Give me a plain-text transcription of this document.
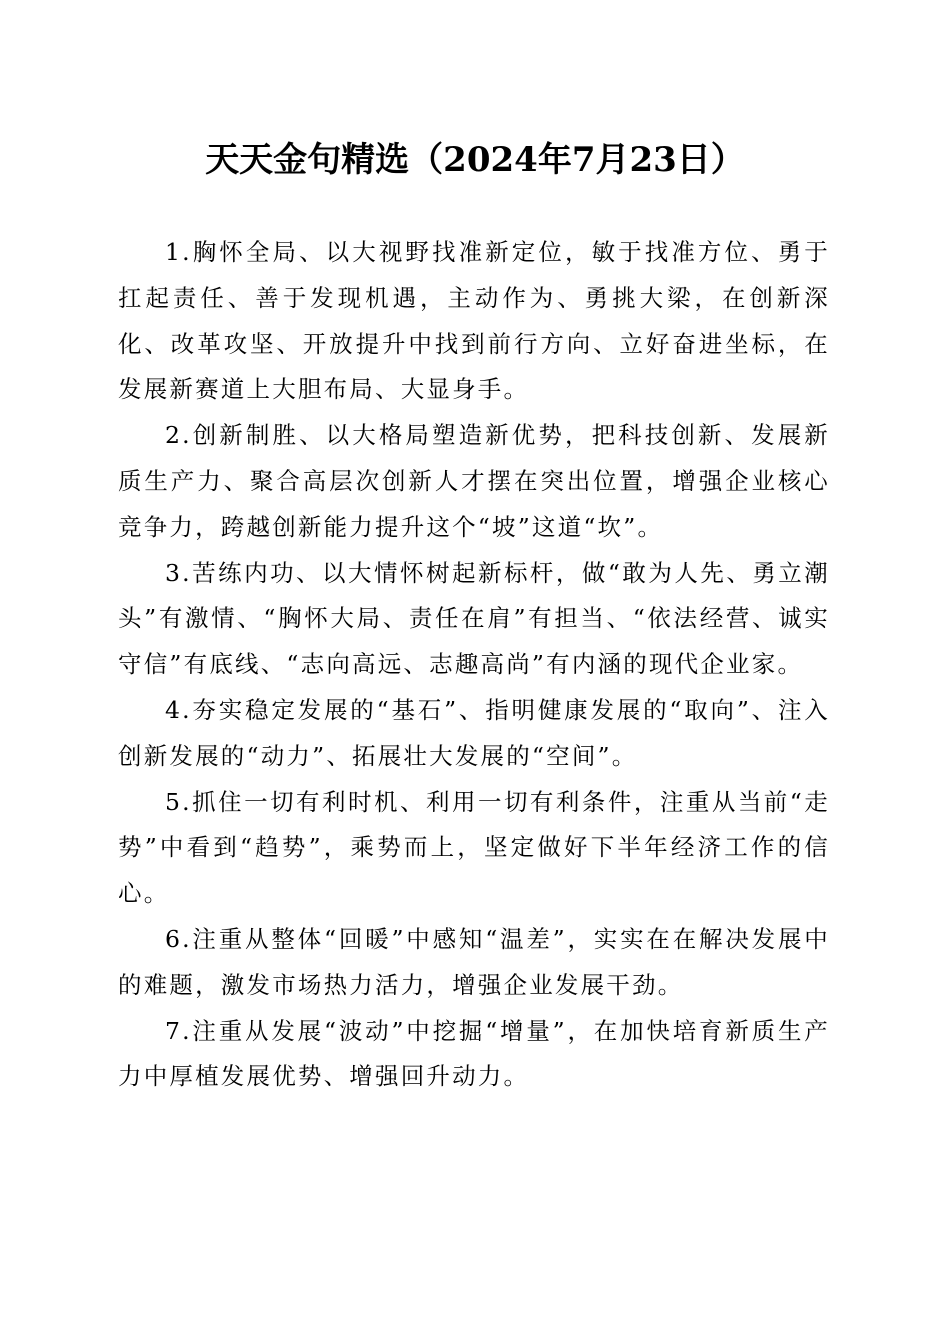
天天金句精选（2024年7月23日）

1.胸怀全局、以大视野找准新定位，敏于找准方位、勇于扛起责任、善于发现机遇，主动作为、勇挑大梁，在创新深化、改革攻坚、开放提升中找到前行方向、立好奋进坐标，在发展新赛道上大胆布局、大显身手。

2.创新制胜、以大格局塑造新优势，把科技创新、发展新质生产力、聚合高层次创新人才摆在突出位置，增强企业核心竞争力，跨越创新能力提升这个“坡”这道“坎”。

3.苦练内功、以大情怀树起新标杆，做“敢为人先、勇立潮头”有激情、“胸怀大局、责任在肩”有担当、“依法经营、诚实守信”有底线、“志向高远、志趣高尚”有内涵的现代企业家。

4.夯实稳定发展的“基石”、指明健康发展的“取向”、注入创新发展的“动力”、拓展壮大发展的“空间”。

5.抓住一切有利时机、利用一切有利条件，注重从当前“走势”中看到“趋势”，乘势而上，坚定做好下半年经济工作的信心。

6.注重从整体“回暖”中感知“温差”，实实在在解决发展中的难题，激发市场热力活力，增强企业发展干劲。

7.注重从发展“波动”中挖掘“增量”，在加快培育新质生产力中厚植发展优势、增强回升动力。
